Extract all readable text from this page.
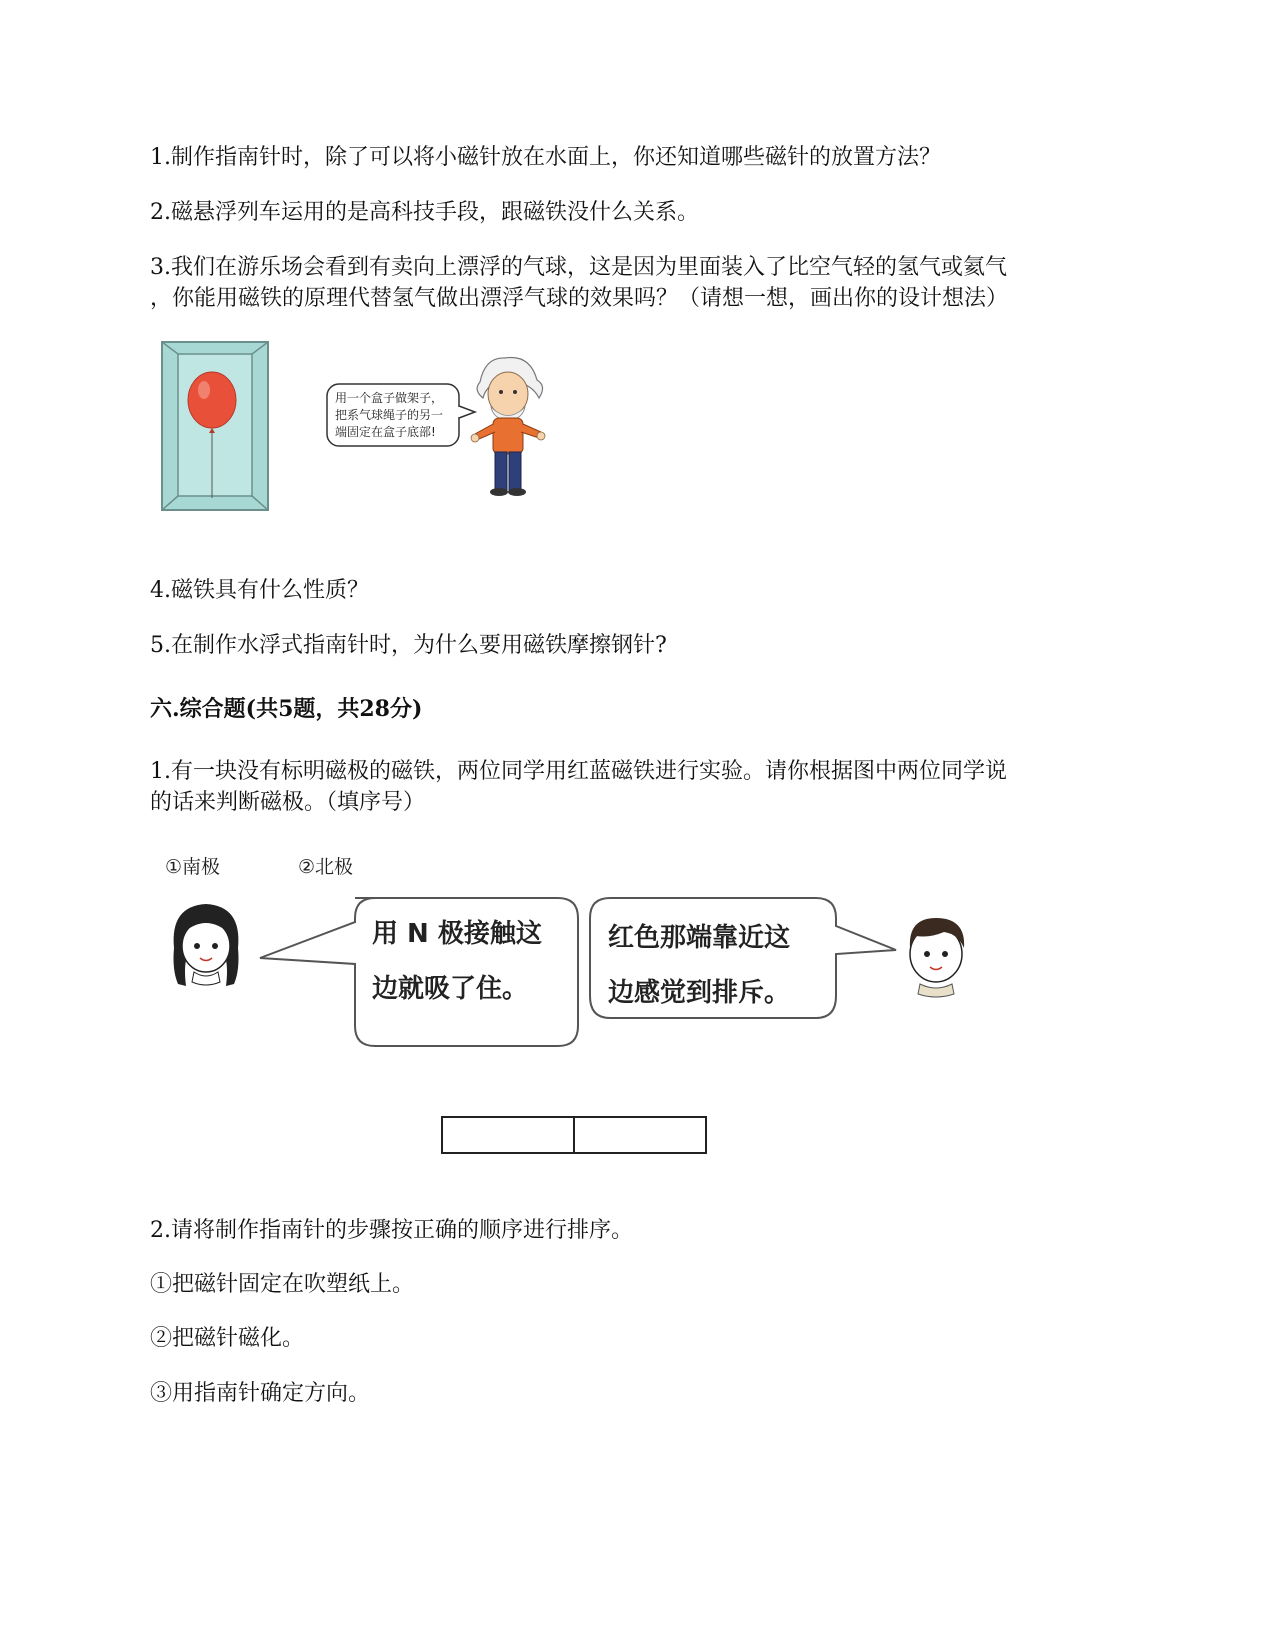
1.制作指南针时，除了可以将小磁针放在水面上，你还知道哪些磁针的放置方法？

2.磁悬浮列车运用的是高科技手段，跟磁铁没什么关系。

3.我们在游乐场会看到有卖向上漂浮的气球，这是因为里面装入了比空气轻的氢气或氦气

，你能用磁铁的原理代替氢气做出漂浮气球的效果吗？（请想一想，画出你的设计想法）

用一个盒子做架子，
把系气球绳子的另一
端固定在盒子底部!

4.磁铁具有什么性质？

5.在制作水浮式指南针时，为什么要用磁铁摩擦钢针?

六.综合题(共5题，共28分)

1.有一块没有标明磁极的磁铁，两位同学用红蓝磁铁进行实验。请你根据图中两位同学说

的话来判断磁极。（填序号）

①南极	②北极
用 N 极接触这
边就吸了住。
红色那端靠近这
边感觉到排斥。

2.请将制作指南针的步骤按正确的顺序进行排序。

①把磁针固定在吹塑纸上。
②把磁针磁化。
③用指南针确定方向。
